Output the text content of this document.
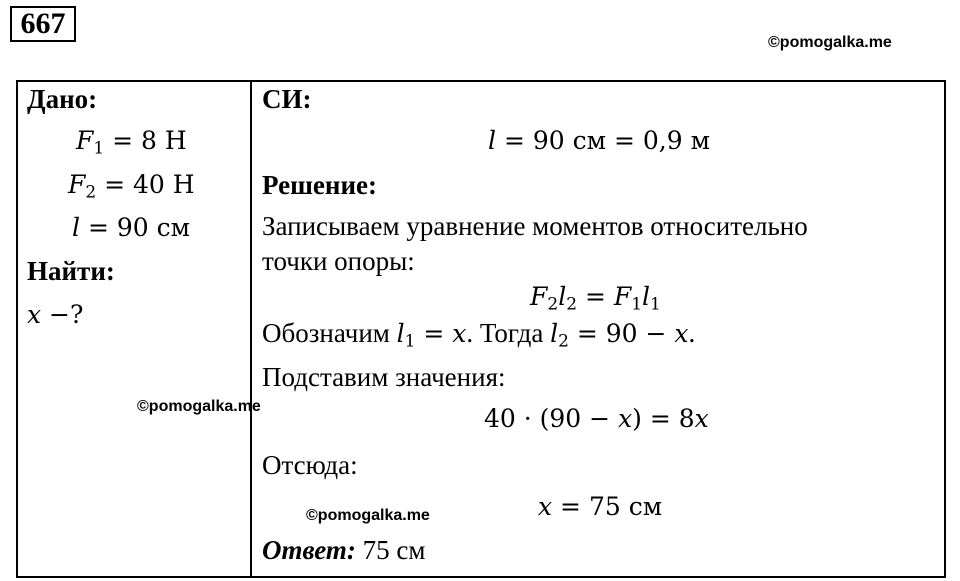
667
©pomogalka.me
Дано:
$F_1 = 8$ Н
$F_2 = 40$ Н
l = 90 см
Найти:
x −?
©pomogalka.me
СИ:
l = 90 см = 0,9 м
Решение:
Записываем уравнение моментов относительно
точки опоры:
$F_2l_2 = F_1l_1$
Обозначим $l_1 = x$. Тогда $l_2 = 90 - x$.
Подставим значения:
40 · (90 − x) = 8x
Отсюда:
©pomogalka.me	x = 75 см
Ответ: 75 см
